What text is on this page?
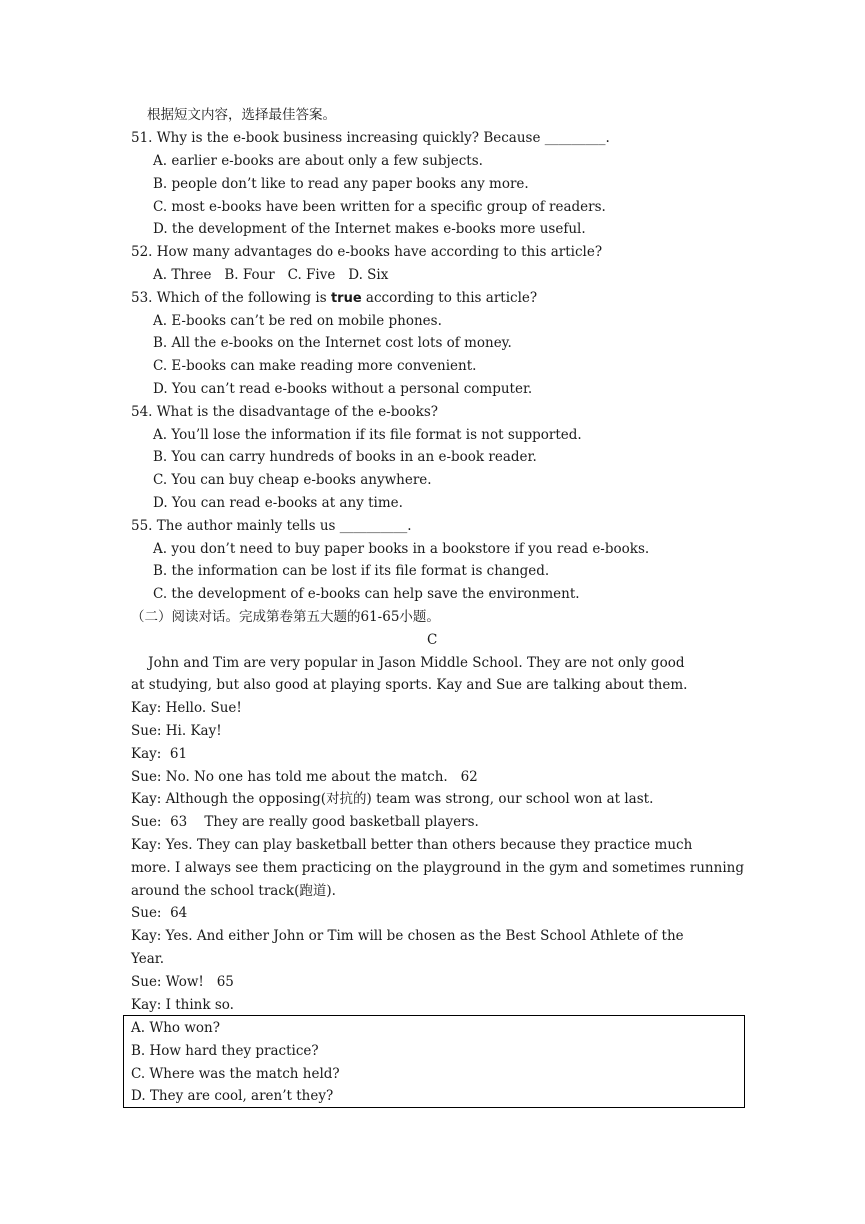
根据短文内容，选择最佳答案。
51. Why is the e-book business increasing quickly? Because _________.
A. earlier e-books are about only a few subjects.
B. people don’t like to read any paper books any more.
C. most e-books have been written for a specific group of readers.
D. the development of the Internet makes e-books more useful.
52. How many advantages do e-books have according to this article?
A. Three   B. Four   C. Five   D. Six
53. Which of the following is true according to this article?
A. E-books can’t be red on mobile phones.
B. All the e-books on the Internet cost lots of money.
C. E-books can make reading more convenient.
D. You can’t read e-books without a personal computer.
54. What is the disadvantage of the e-books?
A. You’ll lose the information if its file format is not supported.
B. You can carry hundreds of books in an e-book reader.
C. You can buy cheap e-books anywhere.
D. You can read e-books at any time.
55. The author mainly tells us __________.
A. you don’t need to buy paper books in a bookstore if you read e-books.
B. the information can be lost if its file format is changed.
C. the development of e-books can help save the environment.
（二）阅读对话。完成第卷第五大题的61-65小题。
C
John and Tim are very popular in Jason Middle School. They are not only good
at studying, but also good at playing sports. Kay and Sue are talking about them.
Kay: Hello. Sue!
Sue: Hi. Kay!
Kay:  61
Sue: No. No one has told me about the match.   62
Kay: Although the opposing(对抗的) team was strong, our school won at last.
Sue:  63    They are really good basketball players.
Kay: Yes. They can play basketball better than others because they practice much
more. I always see them practicing on the playground in the gym and sometimes running
around the school track(跑道).
Sue:  64
Kay: Yes. And either John or Tim will be chosen as the Best School Athlete of the
Year.
Sue: Wow!   65
Kay: I think so.
A. Who won?
B. How hard they practice?
C. Where was the match held?
D. They are cool, aren’t they?
